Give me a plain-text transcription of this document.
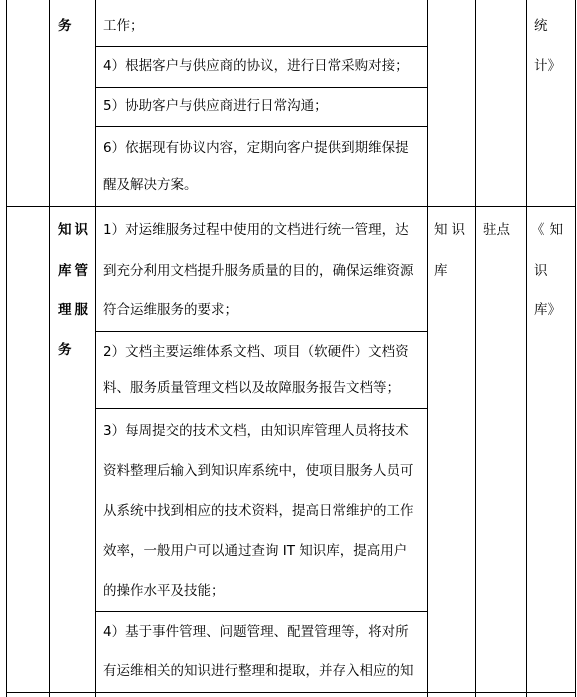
务 工作；
4）根据客户与供应商的协议，进行日常采购对接；
5）协助客户与供应商进行日常沟通；
6）依据现有协议内容，定期向客户提供到期维保提
醒及解决方案。
统
计》
知识
库管
理服
务
1）对运维服务过程中使用的文档进行统一管理，达
到充分利用文档提升服务质量的目的，确保运维资源
符合运维服务的要求；
2）文档主要运维体系文档、项目（软硬件）文档资
料、服务质量管理文档以及故障服务报告文档等；
3）每周提交的技术文档，由知识库管理人员将技术
资料整理后输入到知识库系统中，使项目服务人员可
从系统中找到相应的技术资料，提高日常维护的工作
效率，一般用户可以通过查询 IT 知识库，提高用户
的操作水平及技能；
4）基于事件管理、问题管理、配置管理等，将对所
有运维相关的知识进行整理和提取，并存入相应的知
知识
库
驻点 《知
识
库》
